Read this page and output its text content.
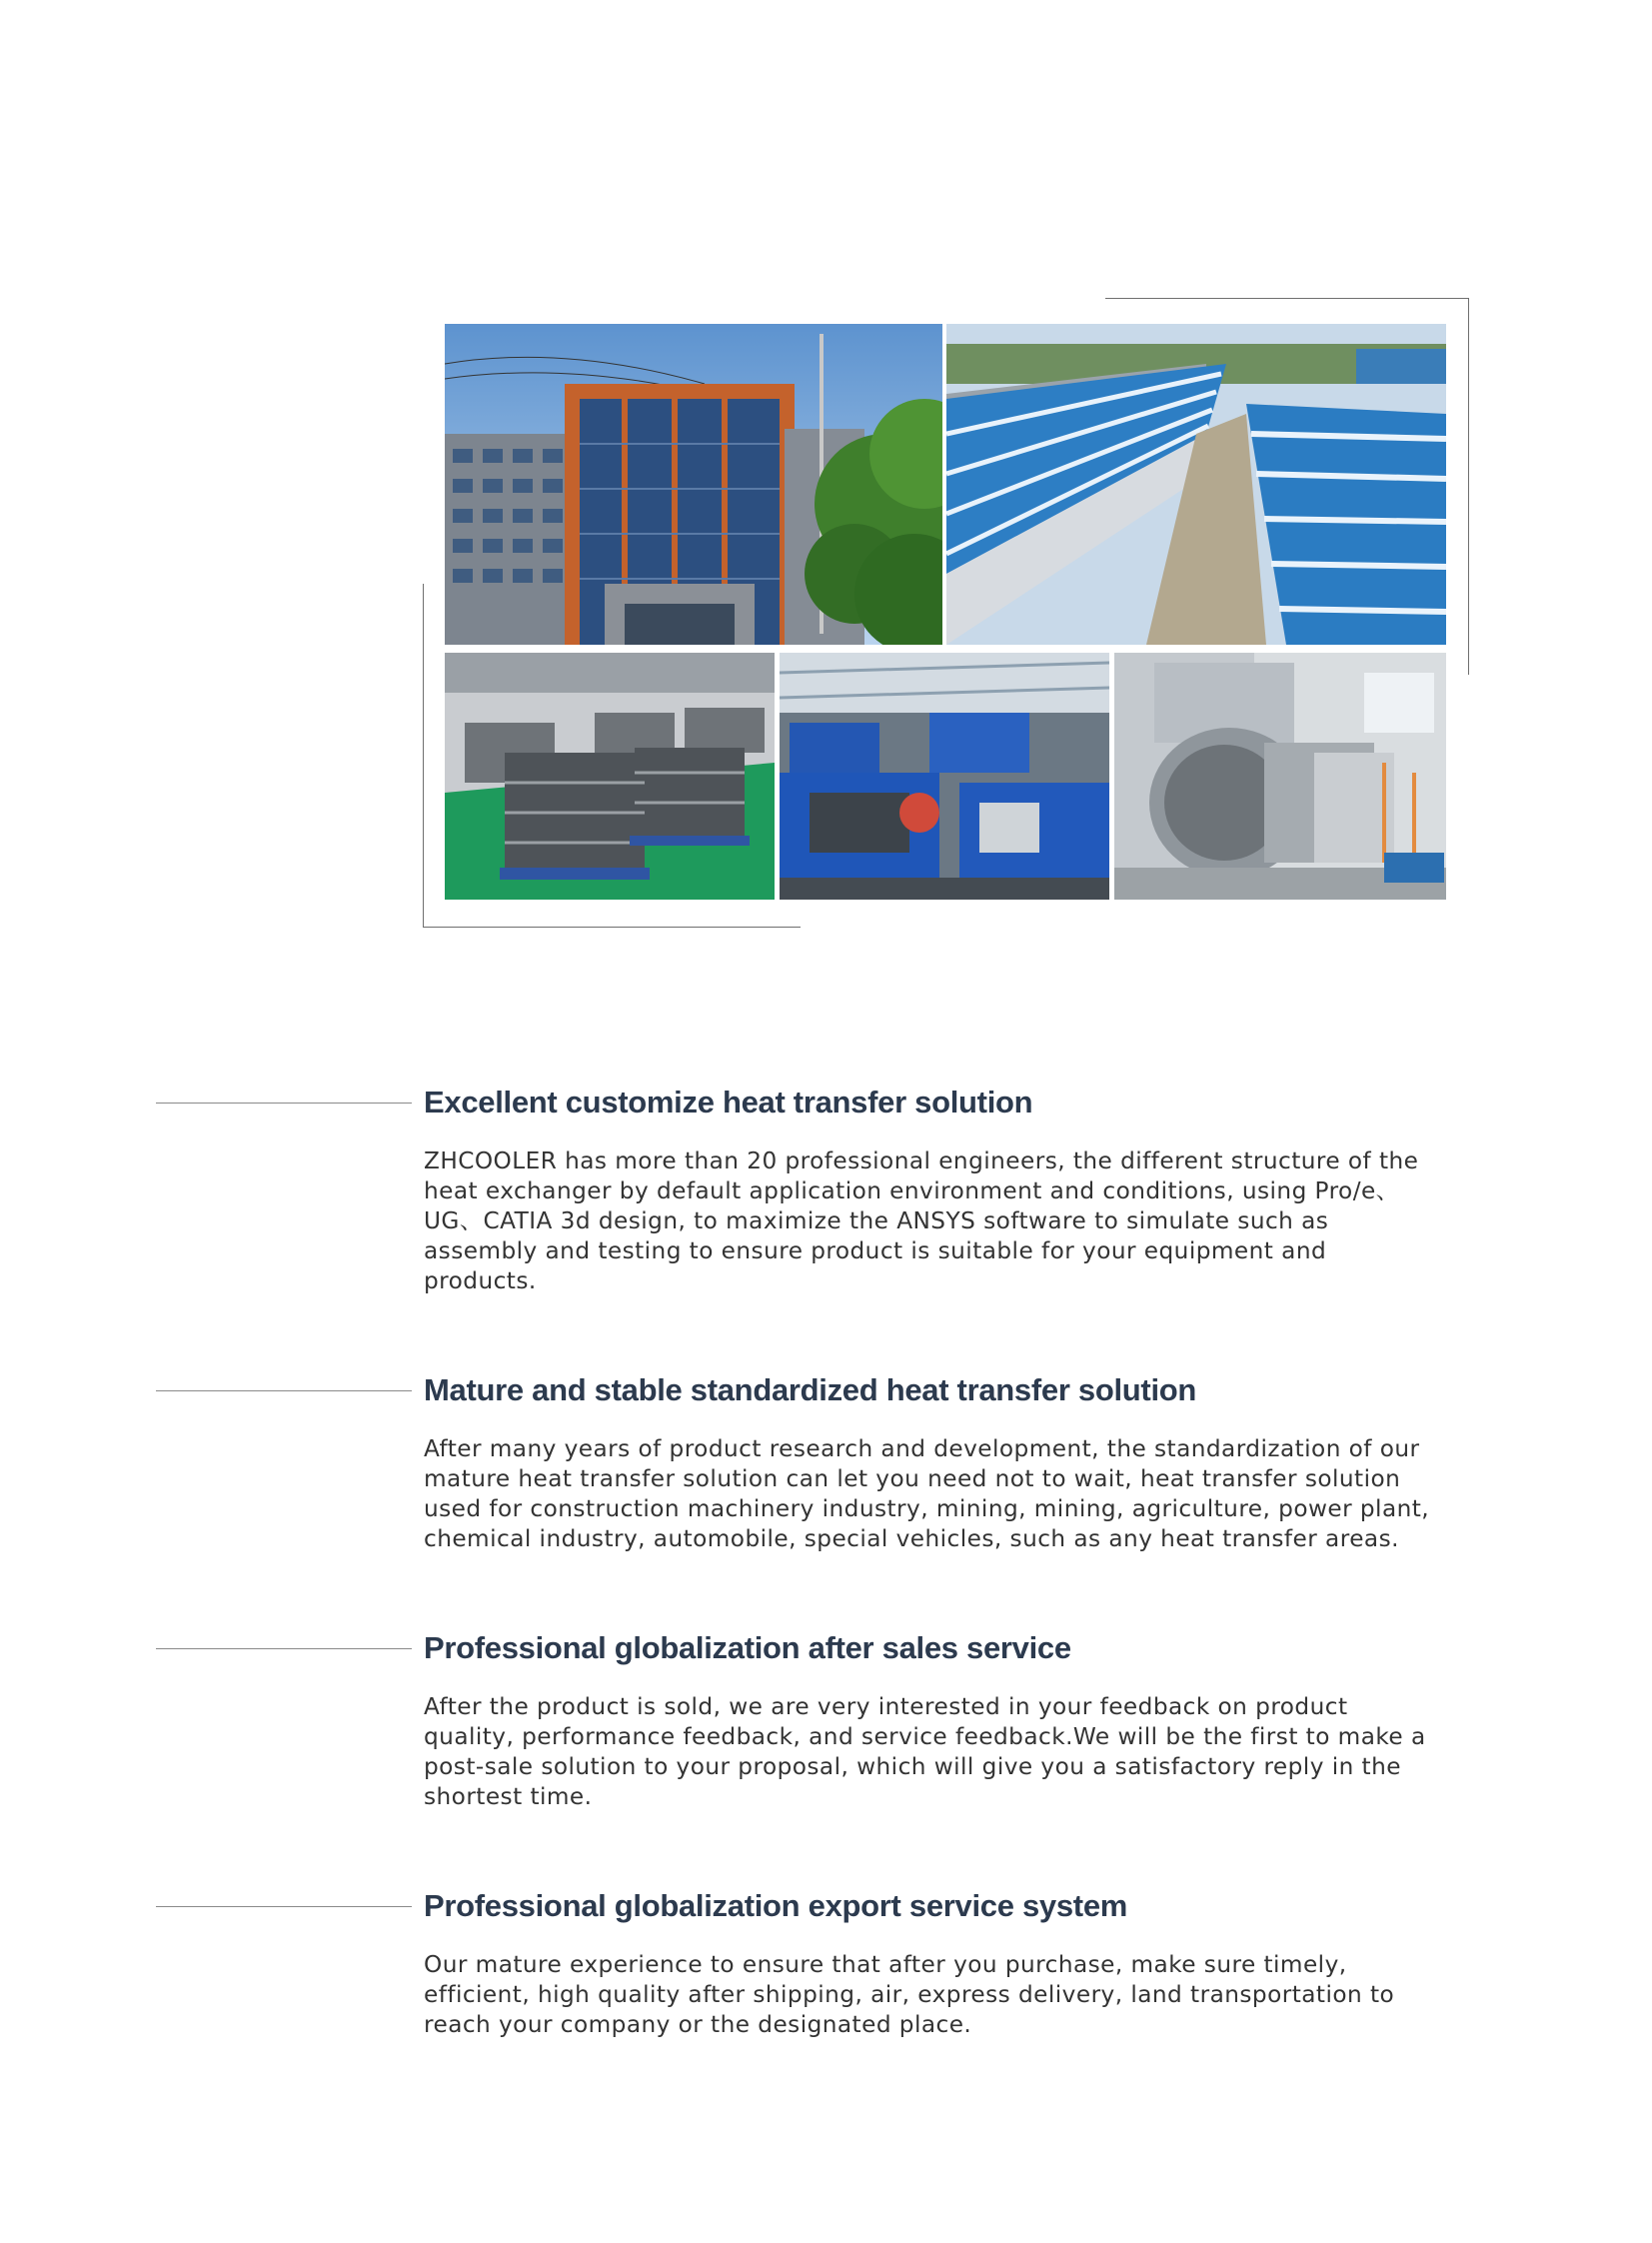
Excellent customize heat transfer solution

ZHCOOLER has more than 20 professional engineers, the different structure of the
heat exchanger by default application environment and conditions, using Pro/e、
UG、CATIA 3d design, to maximize the ANSYS software to simulate such as
assembly and testing to ensure product is suitable for your equipment and
products.

Mature and stable standardized heat transfer solution

After many years of product research and development, the standardization of our
mature heat transfer solution can let you need not to wait, heat transfer solution
used for construction machinery industry, mining, mining, agriculture, power plant,
chemical industry, automobile, special vehicles, such as any heat transfer areas.

Professional globalization after sales service

After the product is sold, we are very interested in your feedback on product
quality, performance feedback, and service feedback.We will be the first to make a
post-sale solution to your proposal, which will give you a satisfactory reply in the
shortest time.

Professional globalization export service system

Our mature experience to ensure that after you purchase, make sure timely,
efficient, high quality after shipping, air, express delivery, land transportation to
reach your company or the designated place.
